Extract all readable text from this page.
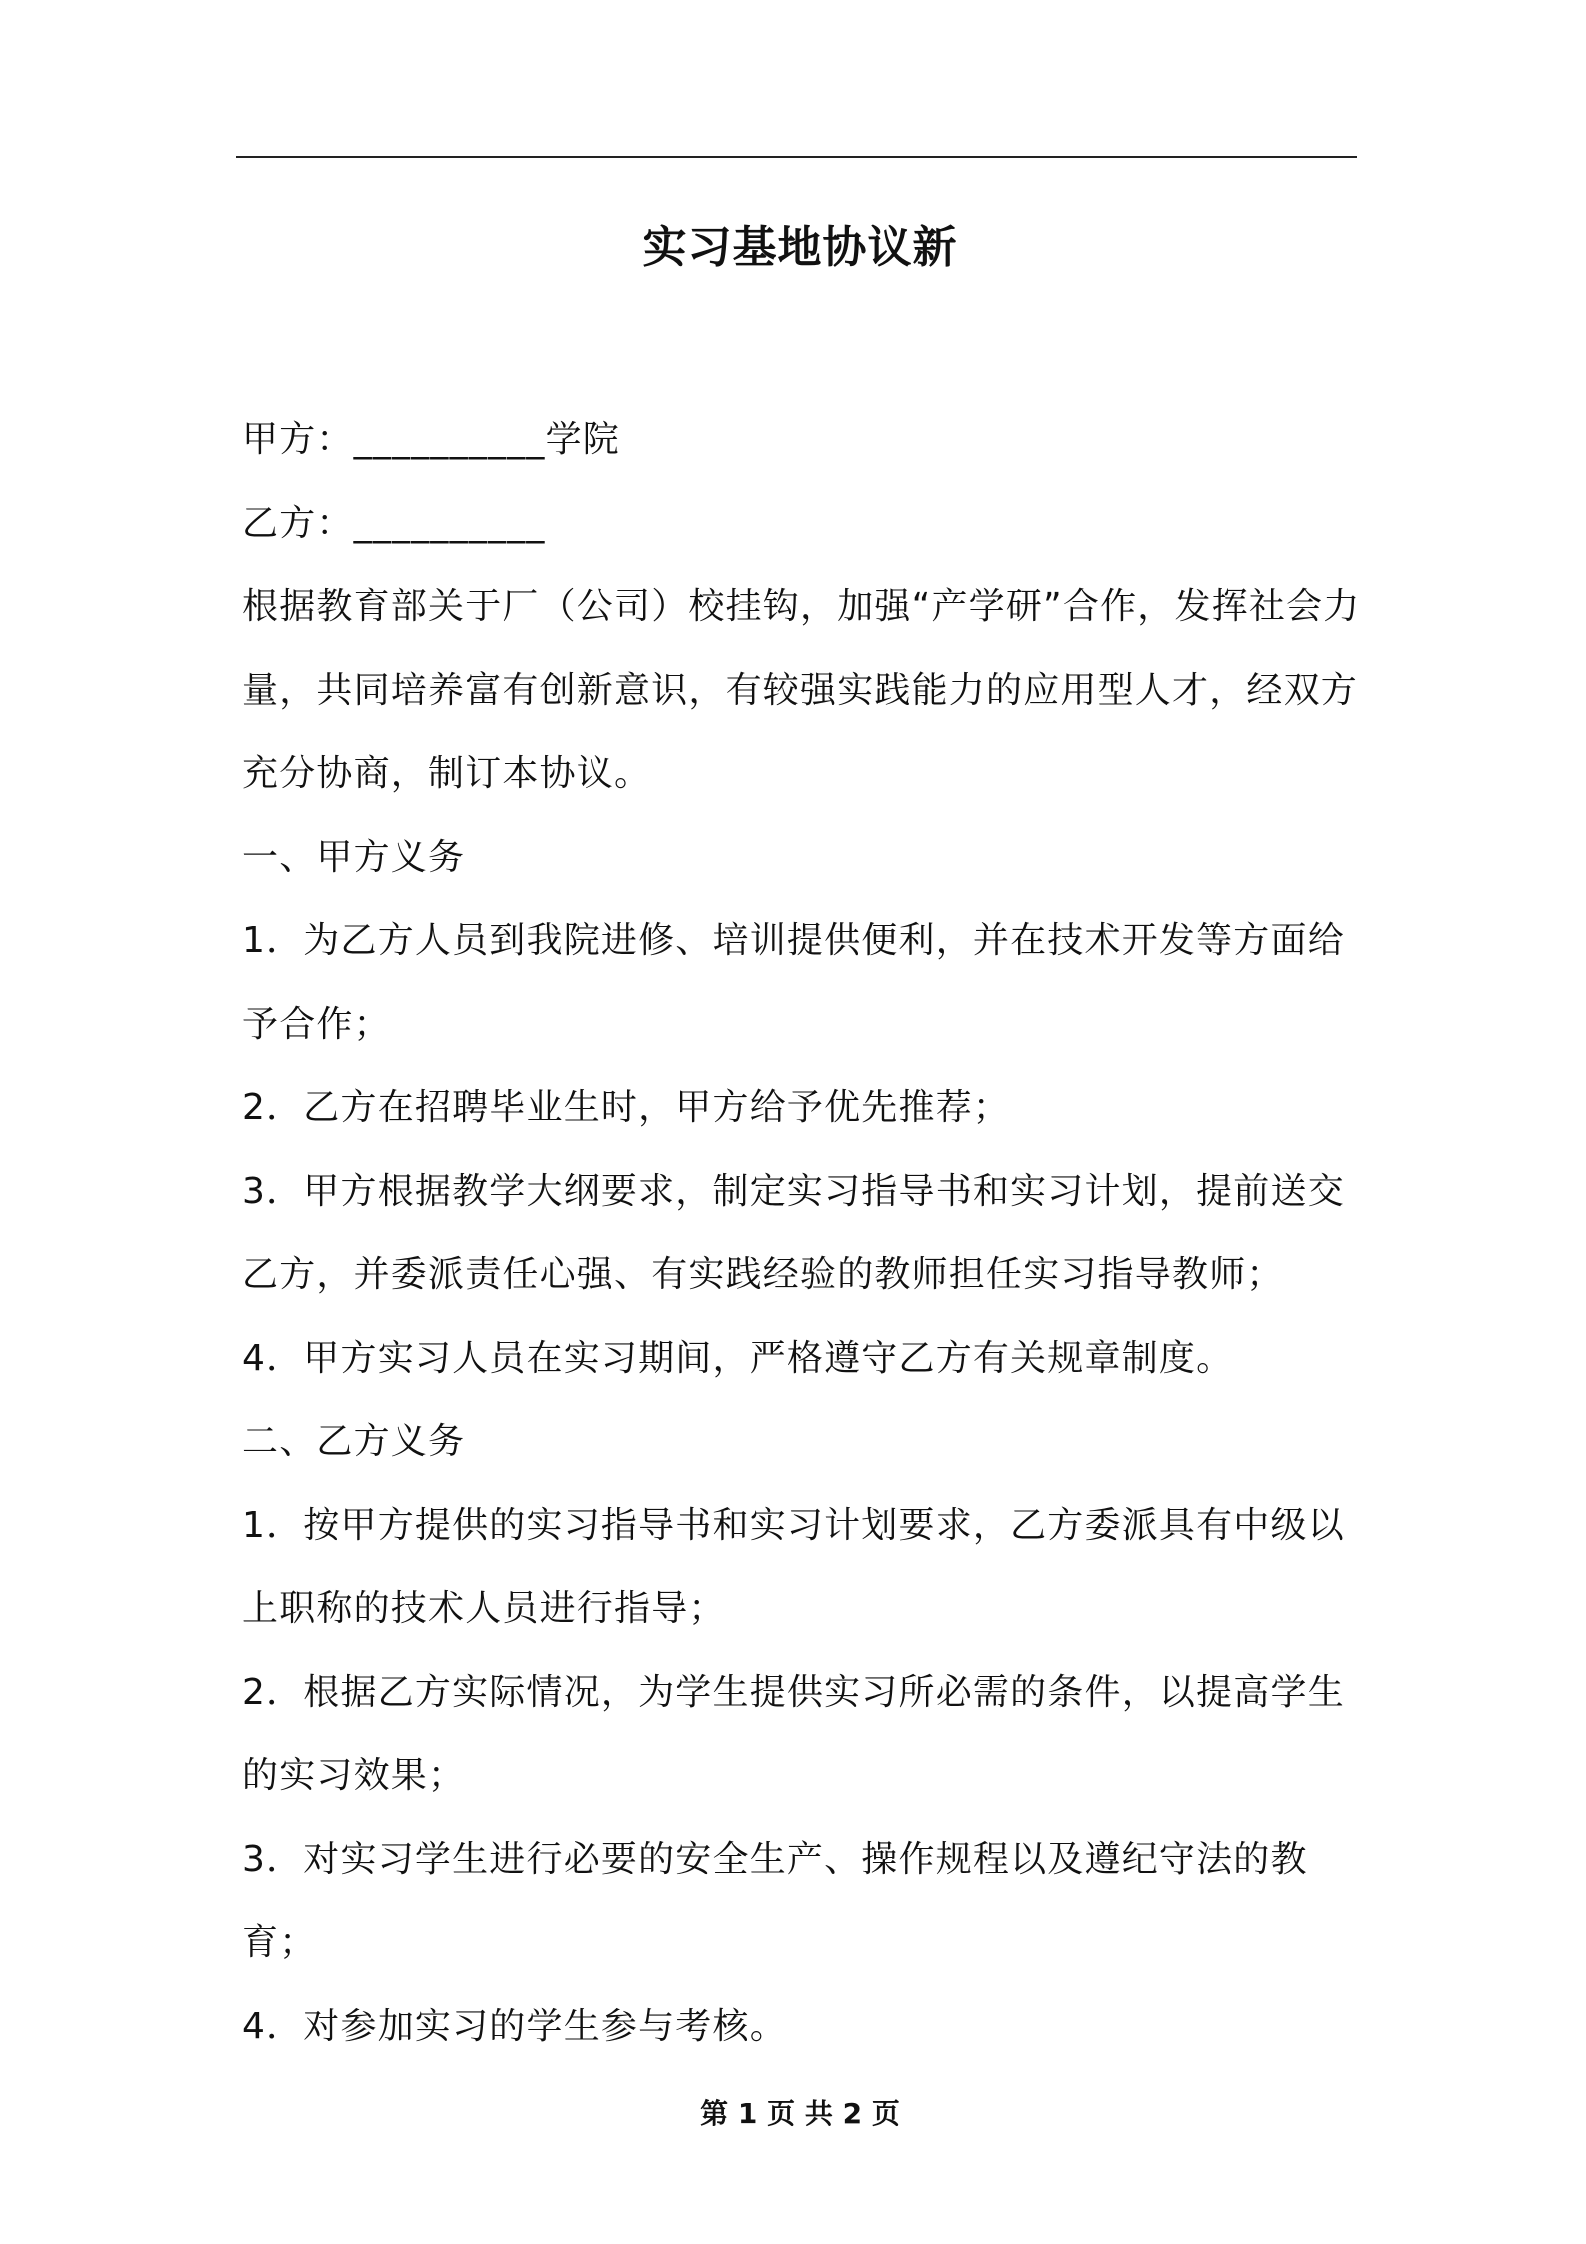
实习基地协议新

甲方：__________学院

乙方：__________

根据教育部关于厂（公司）校挂钩，加强“产学研”合作，发挥社会力量，共同培养富有创新意识，有较强实践能力的应用型人才，经双方充分协商，制订本协议。

一、甲方义务

1．为乙方人员到我院进修、培训提供便利，并在技术开发等方面给予合作；

2．乙方在招聘毕业生时，甲方给予优先推荐；

3．甲方根据教学大纲要求，制定实习指导书和实习计划，提前送交乙方，并委派责任心强、有实践经验的教师担任实习指导教师；

4．甲方实习人员在实习期间，严格遵守乙方有关规章制度。

二、乙方义务

1．按甲方提供的实习指导书和实习计划要求，乙方委派具有中级以上职称的技术人员进行指导；

2．根据乙方实际情况，为学生提供实习所必需的条件，以提高学生的实习效果；

3．对实习学生进行必要的安全生产、操作规程以及遵纪守法的教育；

4．对参加实习的学生参与考核。

第 1 页 共 2 页
